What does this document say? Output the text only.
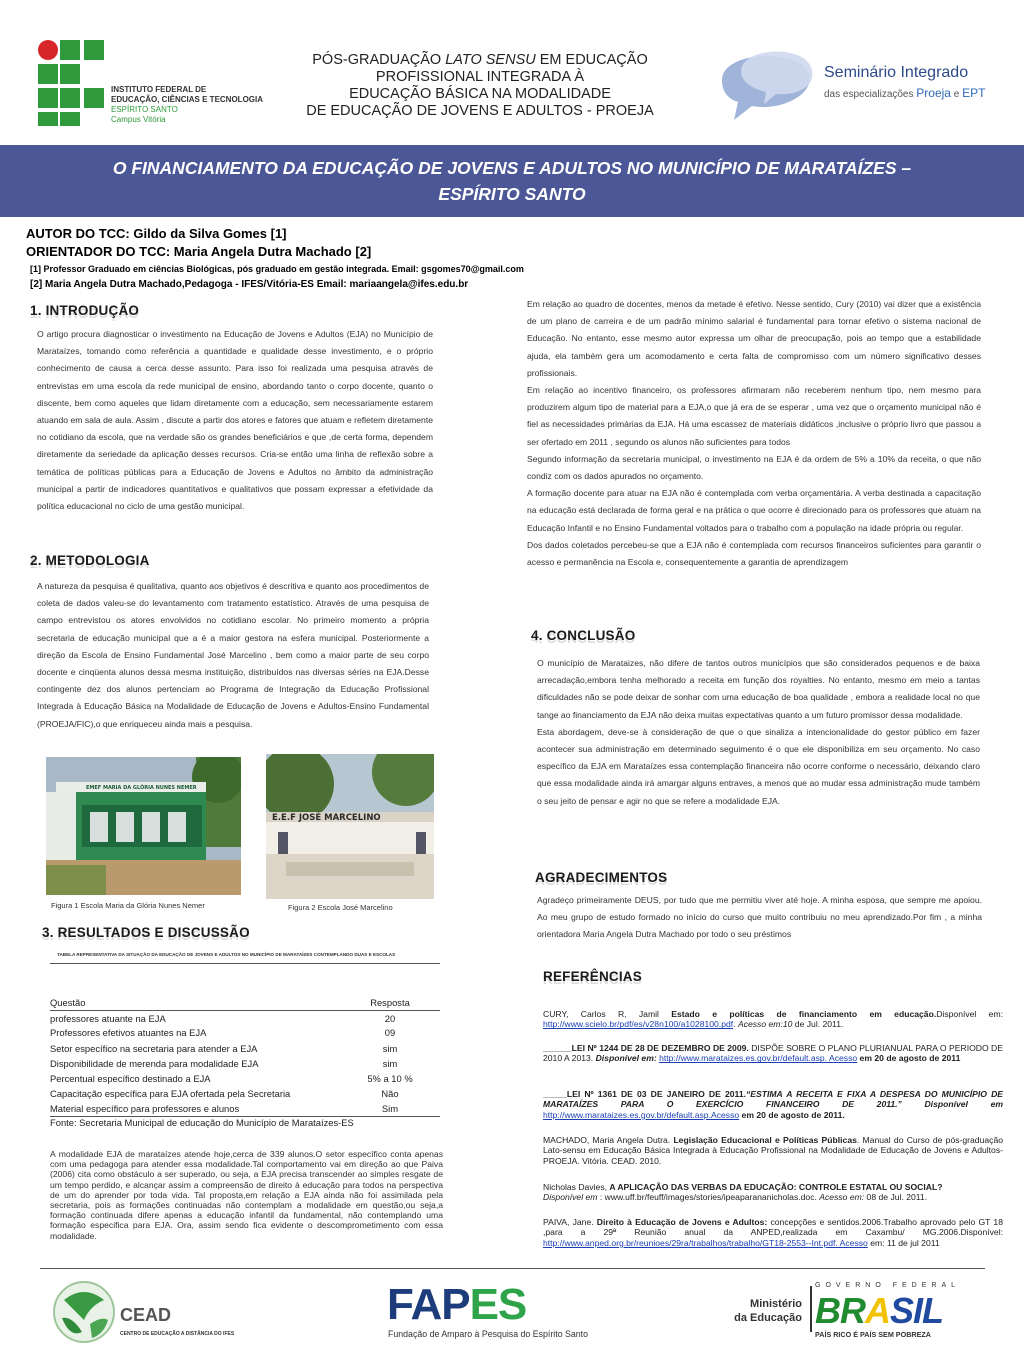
INSTITUTO FEDERAL DE
EDUCAÇÃO, CIÊNCIAS E TECNOLOGIA
ESPÍRITO SANTO
Campus Vitória
PÓS-GRADUAÇÃO LATO SENSU EM EDUCAÇÃO
PROFISSIONAL INTEGRADA À
EDUCAÇÃO BÁSICA NA MODALIDADE
DE EDUCAÇÃO DE JOVENS E ADULTOS - PROEJA
Seminário Integrado
das especializações Proeja e EPT
O FINANCIAMENTO DA EDUCAÇÃO DE JOVENS E ADULTOS NO MUNICÍPIO DE MARATAÍZES –
ESPÍRITO SANTO
AUTOR DO TCC: Gildo da Silva Gomes [1]
ORIENTADOR DO TCC: Maria Angela Dutra Machado [2]
[1] Professor Graduado em ciências Biológicas, pós graduado em gestão integrada. Email: gsgomes70@gmail.com
[2] Maria Angela Dutra Machado,Pedagoga - IFES/Vitória-ES Email: mariaangela@ifes.edu.br
1. INTRODUÇÃO
O artigo procura diagnosticar o investimento na Educação de Jovens e Adultos (EJA) no Município de Marataízes, tomando como referência a quantidade e qualidade desse investimento, e o próprio conhecimento de causa a cerca desse assunto. Para isso foi realizada uma pesquisa através de entrevistas em uma escola da rede municipal de ensino, abordando tanto o corpo docente, quanto o discente, bem como aqueles que lidam diretamente com a educação, sem necessariamente estarem atuando em sala de aula. Assim , discute a partir dos atores e fatores que atuam e refletem diretamente no cotidiano da escola, que na verdade são os grandes beneficiários e que ,de certa forma, dependem diretamente da seriedade da aplicação desses recursos. Cria-se então uma linha de reflexão sobre a temática de políticas públicas para a Educação de Jovens e Adultos no âmbito da administração municipal a partir de indicadores quantitativos e qualitativos que possam expressar a efetividade da política educacional no ciclo de uma gestão municipal.
2. METODOLOGIA
A natureza da pesquisa é qualitativa, quanto aos objetivos é descritiva e quanto aos procedimentos de coleta de dados valeu-se do levantamento com tratamento estatístico. Através de uma pesquisa de campo entrevistou os atores envolvidos no cotidiano escolar. No primeiro momento a própria secretaria de educação municipal que a é a maior gestora na esfera municipal. Posteriormente a direção da Escola de Ensino Fundamental José Marcelino , bem como a maior parte de seu corpo docente e cinqüenta alunos dessa mesma instituição, distribuídos nas diversas séries na EJA.Desse contingente dez dos alunos pertenciam ao Programa de Integração da Educação Profissional Integrada à Educação Básica na Modalidade de Educação de Jovens e Adultos-Ensino Fundamental (PROEJA/FIC),o que enriqueceu ainda mais a pesquisa.
EMEF MARIA DA GLÓRIA NUNES NEMER
Figura 1 Escola Maria da Glória Nunes Nemer
E.E.F JOSÉ MARCELINO
Figura 2 Escola José Marcelino
3. RESULTADOS E DISCUSSÃO
TABELA REPRESENTATIVA DA SITUAÇÃO DA EDUCAÇÃO DE JOVENS E ADULTOS NO MUNICÍPIO DE MARATAÍZES CONTEMPLANDO DUAS E ESCOLAS
Questão	Resposta
professores atuante na EJA	20
Professores efetivos atuantes na EJA	09
Setor específico na secretaria para atender a EJA	sim
Disponibilidade de merenda para modalidade EJA	sim
Percentual específico destinado a EJA	5% a 10 %
Capacitação específica para EJA ofertada pela Secretaria	Não
Material específico para professores e alunos	Sim
Fonte: Secretaria Municipal de educação do Município de Marataízes-ES
A modalidade EJA de marataízes atende hoje,cerca de 339 alunos.O setor específico conta apenas com uma pedagoga para atender essa modalidade.Tal comportamento vai em direção ao que Paiva (2006) cita como obstáculo a ser superado, ou seja, a EJA precisa transcender ao simples resgate de um tempo perdido, e alcançar assim a compreensão de direito à educação para todos na perspectiva de um do aprender por toda vida. Tal proposta,em relação a EJA ainda não foi assimilada pela secretaria, pois as formações continuadas não contemplam a modalidade em questão,ou seja,a formação continuada difere apenas a educação infantil da fundamental, não contemplando uma formação especifica para EJA. Ora, assim sendo fica evidente o descomprometimento com essa modalidade.

Em relação ao quadro de docentes, menos da metade é efetivo. Nesse sentido, Cury (2010) vai dizer que a existência de um plano de carreira e de um padrão mínimo salarial é fundamental para tornar efetivo o sistema nacional de Educação. No entanto, esse mesmo autor expressa um olhar de preocupação, pois ao tempo que a estabilidade ajuda, ela também gera um acomodamento e certa falta de compromisso com um número significativo desses profissionais.

Em relação ao incentivo financeiro, os professores afirmaram não receberem nenhum tipo, nem mesmo para produzirem algum tipo de material para a EJA,o que já era de se esperar , uma vez que o orçamento municipal não é fiel as necessidades primárias da EJA. Há uma escassez de materiais didáticos ,inclusive o próprio livro que passou a ser ofertado em 2011 , segundo os alunos não suficientes para todos

Segundo informação da secretaria municipal, o investimento na EJA é da ordem de 5% a 10% da receita, o que não condiz com os dados apurados no orçamento.

A formação docente para atuar na EJA não é contemplada com verba orçamentária. A verba destinada a capacitação na educação está declarada de forma geral e na prática o que ocorre é direcionado para os professores que atuam na Educação Infantil e no Ensino Fundamental voltados para o trabalho com a população na idade própria ou regular.

Dos dados coletados percebeu-se que a EJA não é contemplada com recursos financeiros suficientes para garantir o acesso e permanência na Escola e, consequentemente a garantia de aprendizagem

4. CONCLUSÃO

O município de Marataizes, não difere de tantos outros municípios que são considerados pequenos e de baixa arrecadação,embora tenha melhorado a receita em função dos royalties. No entanto, mesmo em meio a tantas dificuldades não se pode deixar de sonhar com uma educação de boa qualidade , embora a realidade local no que tange ao financiamento da EJA não deixa muitas expectativas quanto a um futuro promissor dessa modalidade.

Esta abordagem, deve-se à consideração de que o que sinaliza a intencionalidade do gestor público em fazer acontecer sua administração em determinado seguimento é o que ele disponibiliza em seu orçamento. No caso específico da EJA em Marataízes essa contemplação financeira não ocorre conforme o necessário, deixando claro que essa modalidade ainda irá amargar alguns entraves, a menos que ao mudar essa administração mude também o seu jeito de pensar e agir no que se refere a modalidade EJA.

AGRADECIMENTOS
Agradeço primeiramente DEUS, por tudo que me permitiu viver até hoje. A minha esposa, que sempre me apoiou. Ao meu grupo de estudo formado no início do curso que muito contribuiu no meu aprendizado.Por fim , a minha orientadora Maria Angela Dutra Machado por todo o seu préstimos
REFERÊNCIAS
CURY, Carlos R, Jamil Estado e políticas de financiamento em educação.Disponível em: http://www.scielo.br/pdf/es/v28n100/a1028100.pdf. Acesso em:10 de Jul. 2011.
______LEI Nº 1244 DE 28 DE DEZEMBRO DE 2009. DISPÕE SOBRE O PLANO PLURIANUAL PARA O PERIODO DE 2010 A 2013. Disponível em: http://www.marataizes.es.gov.br/default.asp. Acesso em 20 de agosto de 2011
_____LEI Nº 1361 DE 03 DE JANEIRO DE 2011.“ESTIMA A RECEITA E FIXA A DESPESA DO MUNICÍPIO DE MARATAÍZES PARA O EXERCÍCIO FINANCEIRO DE 2011.” Disponível em http://www.marataizes.es.gov.br/default.asp.Acesso em 20 de agosto de 2011.
MACHADO, Maria Angela Dutra. Legislação Educacional e Políticas Públicas. Manual do Curso de pós-graduação Lato-sensu em Educação Básica Integrada à Educação Profissional na Modalidade de Educação de Jovens e Adultos-PROEJA. Vitória. CEAD. 2010.
Nicholas Davies, A APLICAÇÃO DAS VERBAS DA EDUCAÇÃO: CONTROLE ESTATAL OU SOCIAL?
Disponível em : www.uff.br/feuff/images/stories/ipeaparananicholas.doc. Acesso em: 08 de Jul. 2011.
PAIVA, Jane. Direito à Educação de Jovens e Adultos: concepções e sentidos.2006.Trabalho aprovado pelo GT 18 ,para a 29ª Reunião anual da ANPED,realizada em Caxambu/ MG.2006.Disponível: http://www.anped.org.br/reunioes/29ra/trabalhos/trabalho/GT18-2553--Int.pdf. Acesso em: 11 de jul 2011
CEAD
CENTRO DE EDUCAÇÃO A DISTÂNCIA DO IFES
FAPES
Fundação de Amparo à Pesquisa do Espírito Santo
Ministério
da Educação
GOVERNO FEDERAL
BRASIL
PAÍS RICO É PAÍS SEM POBREZA
